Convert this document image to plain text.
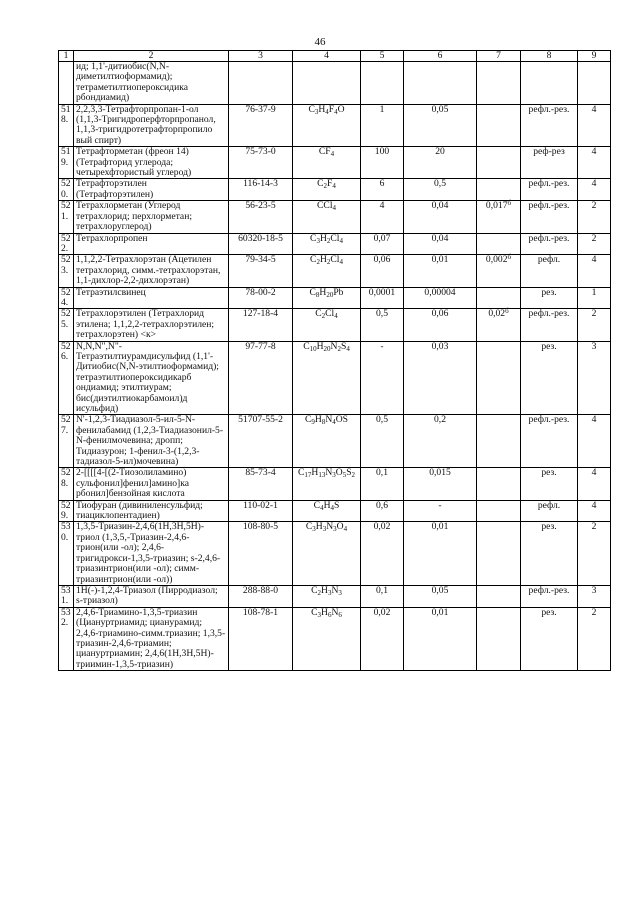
46
1	2	3	4	5	6	7	8	9
	ид; 1,1'-дитиобис(N,N-диметилтиоформамид); тетраметилтиопероксидика рбондиамид)							
518.	2,2,3,3-Тетрафторпропан-1-ол (1,1,3-Тригидроперфторпропанол, 1,1,3-тригидротетрафторпропило вый спирт)	76-37-9	$C_3H_4F_4O$	1	0,05		рефл.-рез.	4
519.	Тетрафторметан (фреон 14) (Тетрафторид углерода; четырехфтористый углерод)	75-73-0	$CF_4$	100	20		реф-рез	4
520.	Тетрафторэтилен (Тетрафторэтилен)	116-14-3	$C_2F_4$	6	0,5		рефл.-рез.	4
521.	Тетрахлорметан (Углерод тетрахлорид; перхлорметан; тетрахлоруглерод)	56-23-5	CCl$_4$	4	0,04	$0,017^б$	рефл.-рез.	2
522.	Тетрахлорпропен	60320-18-5	$C_3H_2Cl_4$	0,07	0,04		рефл.-рез.	2
523.	1,1,2,2-Тетрахлорэтан (Ацетилен тетрахлорид, симм.-тетрахлорэтан, 1,1-дихлор-2,2-дихлорэтан)	79-34-5	$C_2H_2Cl_4$	0,06	0,01	$0,002^б$	рефл.	4
524.	Тетраэтилсвинец	78-00-2	$C_8H_{20}Pb$	0,0001	0,00004		рез.	1
525.	Тетрахлорэтилен (Тетрахлорид этилена; 1,1,2,2-тетрахлорэтилен; тетрахлорэтен) <к>	127-18-4	$C_2Cl_4$	0,5	0,06	$0,02^б$	рефл.-рез.	2
526.	N,N,N",N"-Тетраэтилтиурамдисульфид (1,1'-Дитиобис(N,N-этилтиоформамид); тетраэтилтиопероксидикарб ондиамид; этилтиурам; бис(диэтилтиокарбамоил)д исульфид)	97-77-8	$C_{10}H_{20}N_2S_4$	-	0,03		рез.	3
527.	N'-1,2,3-Тиадиазол-5-ил-5-N-фенилабамид (1,2,3-Тиадиазонил-5-N-фенилмочевина; дропп; Тидиазурон; 1-фенил-3-(1,2,3-тадиазол-5-ил)мочевина)	51707-55-2	$C_9H_8N_4OS$	0,5	0,2		рефл.-рез.	4
528.	2-[[[[4-[(2-Тиозолиламино) сульфонил]фенил]амино]ка рбонил]бензойная кислота	85-73-4	$C_{17}H_{13}N_3O_5S_2$	0,1	0,015		рез.	4
529.	Тиофуран (дивиниленсульфид; тиациклопентадиен)	110-02-1	$C_4H_4S$	0,6	-		рефл.	4
530.	1,3,5-Триазин-2,4,6(1Н,3Н,5Н)-триол (1,3,5,-Триазин-2,4,6-трион(или -ол); 2,4,6-тригидрокси-1,3,5-триазин; s-2,4,6-триазинтрион(или -ол); симм-триазинтрион(или -ол))	108-80-5	$C_3H_3N_3O_4$	0,02	0,01		рез.	2
531.	1Н(-)-1,2,4-Триазол (Пирродиазол; s-триазол)	288-88-0	$C_2H_3N_3$	0,1	0,05		рефл.-рез.	3
532.	2,4,6-Триамино-1,3,5-триазин (Циануртриамид; цианурамид; 2,4,6-триамино-симм.триазин; 1,3,5-триазин-2,4,6-триамин; циануртриамин; 2,4,6(1Н,3Н,5Н)-триимин-1,3,5-триазин)	108-78-1	$C_3H_6N_6$	0,02	0,01		рез.	2
